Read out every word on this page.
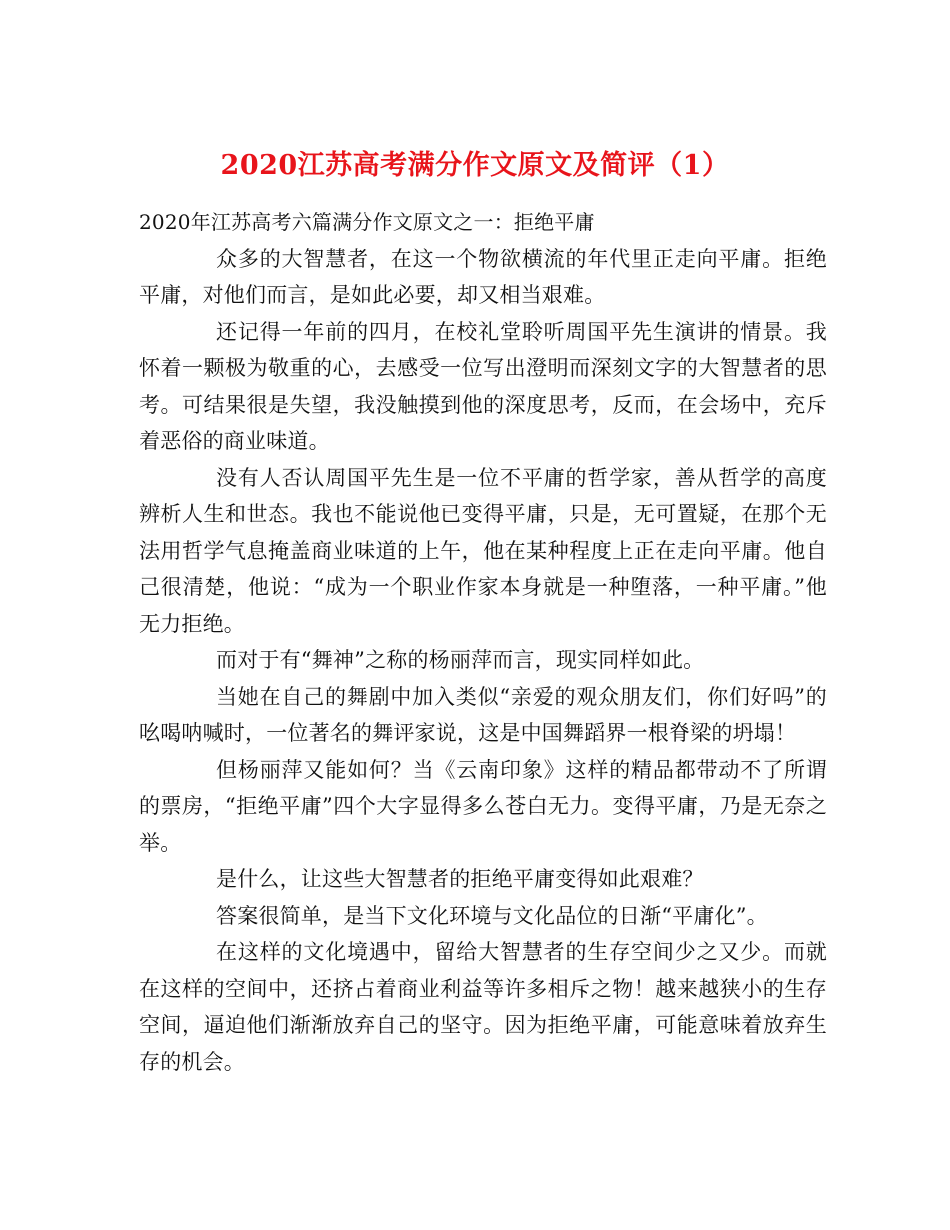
2020江苏高考满分作文原文及简评（1）

2020年江苏高考六篇满分作文原文之一：拒绝平庸

众多的大智慧者，在这一个物欲横流的年代里正走向平庸。拒绝平庸，对他们而言，是如此必要，却又相当艰难。

还记得一年前的四月，在校礼堂聆听周国平先生演讲的情景。我怀着一颗极为敬重的心，去感受一位写出澄明而深刻文字的大智慧者的思考。可结果很是失望，我没触摸到他的深度思考，反而，在会场中，充斥着恶俗的商业味道。

没有人否认周国平先生是一位不平庸的哲学家，善从哲学的高度辨析人生和世态。我也不能说他已变得平庸，只是，无可置疑，在那个无法用哲学气息掩盖商业味道的上午，他在某种程度上正在走向平庸。他自己很清楚，他说：“成为一个职业作家本身就是一种堕落，一种平庸。”他无力拒绝。

而对于有“舞神”之称的杨丽萍而言，现实同样如此。

当她在自己的舞剧中加入类似“亲爱的观众朋友们，你们好吗”的吆喝呐喊时，一位著名的舞评家说，这是中国舞蹈界一根脊梁的坍塌！

但杨丽萍又能如何？当《云南印象》这样的精品都带动不了所谓的票房，“拒绝平庸”四个大字显得多么苍白无力。变得平庸，乃是无奈之举。

是什么，让这些大智慧者的拒绝平庸变得如此艰难？

答案很简单，是当下文化环境与文化品位的日渐“平庸化”。

在这样的文化境遇中，留给大智慧者的生存空间少之又少。而就在这样的空间中，还挤占着商业利益等许多相斥之物！越来越狭小的生存空间，逼迫他们渐渐放弃自己的坚守。因为拒绝平庸，可能意味着放弃生存的机会。
